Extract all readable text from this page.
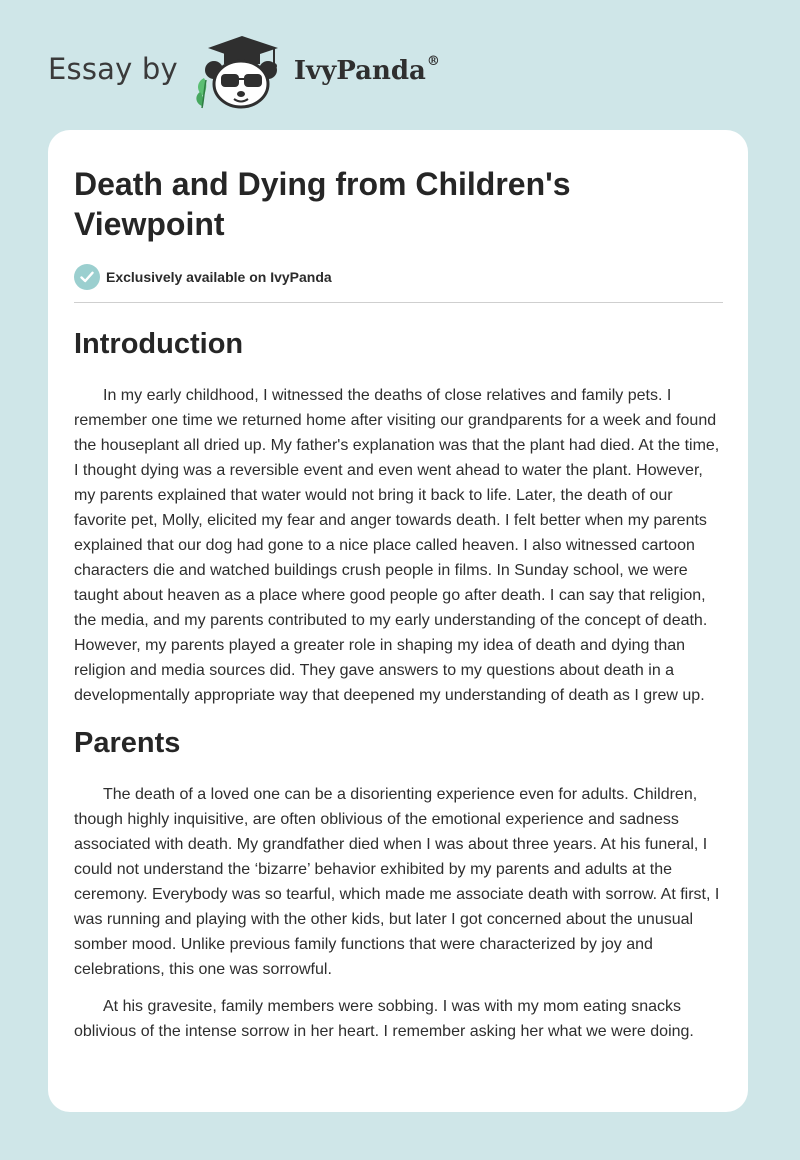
Essay by	IvyPanda®
Death and Dying from Children's Viewpoint
Exclusively available on IvyPanda
Introduction

In my early childhood, I witnessed the deaths of close relatives and family pets. I remember one time we returned home after visiting our grandparents for a week and found the houseplant all dried up. My father's explanation was that the plant had died. At the time, I thought dying was a reversible event and even went ahead to water the plant. However, my parents explained that water would not bring it back to life. Later, the death of our favorite pet, Molly, elicited my fear and anger towards death. I felt better when my parents explained that our dog had gone to a nice place called heaven. I also witnessed cartoon characters die and watched buildings crush people in films. In Sunday school, we were taught about heaven as a place where good people go after death. I can say that religion, the media, and my parents contributed to my early understanding of the concept of death. However, my parents played a greater role in shaping my idea of death and dying than religion and media sources did. They gave answers to my questions about death in a developmentally appropriate way that deepened my understanding of death as I grew up.

Parents

The death of a loved one can be a disorienting experience even for adults. Children, though highly inquisitive, are often oblivious of the emotional experience and sadness associated with death. My grandfather died when I was about three years. At his funeral, I could not understand the ‘bizarre’ behavior exhibited by my parents and adults at the ceremony. Everybody was so tearful, which made me associate death with sorrow. At first, I was running and playing with the other kids, but later I got concerned about the unusual somber mood. Unlike previous family functions that were characterized by joy and celebrations, this one was sorrowful.

At his gravesite, family members were sobbing. I was with my mom eating snacks oblivious of the intense sorrow in her heart. I remember asking her what we were doing.
